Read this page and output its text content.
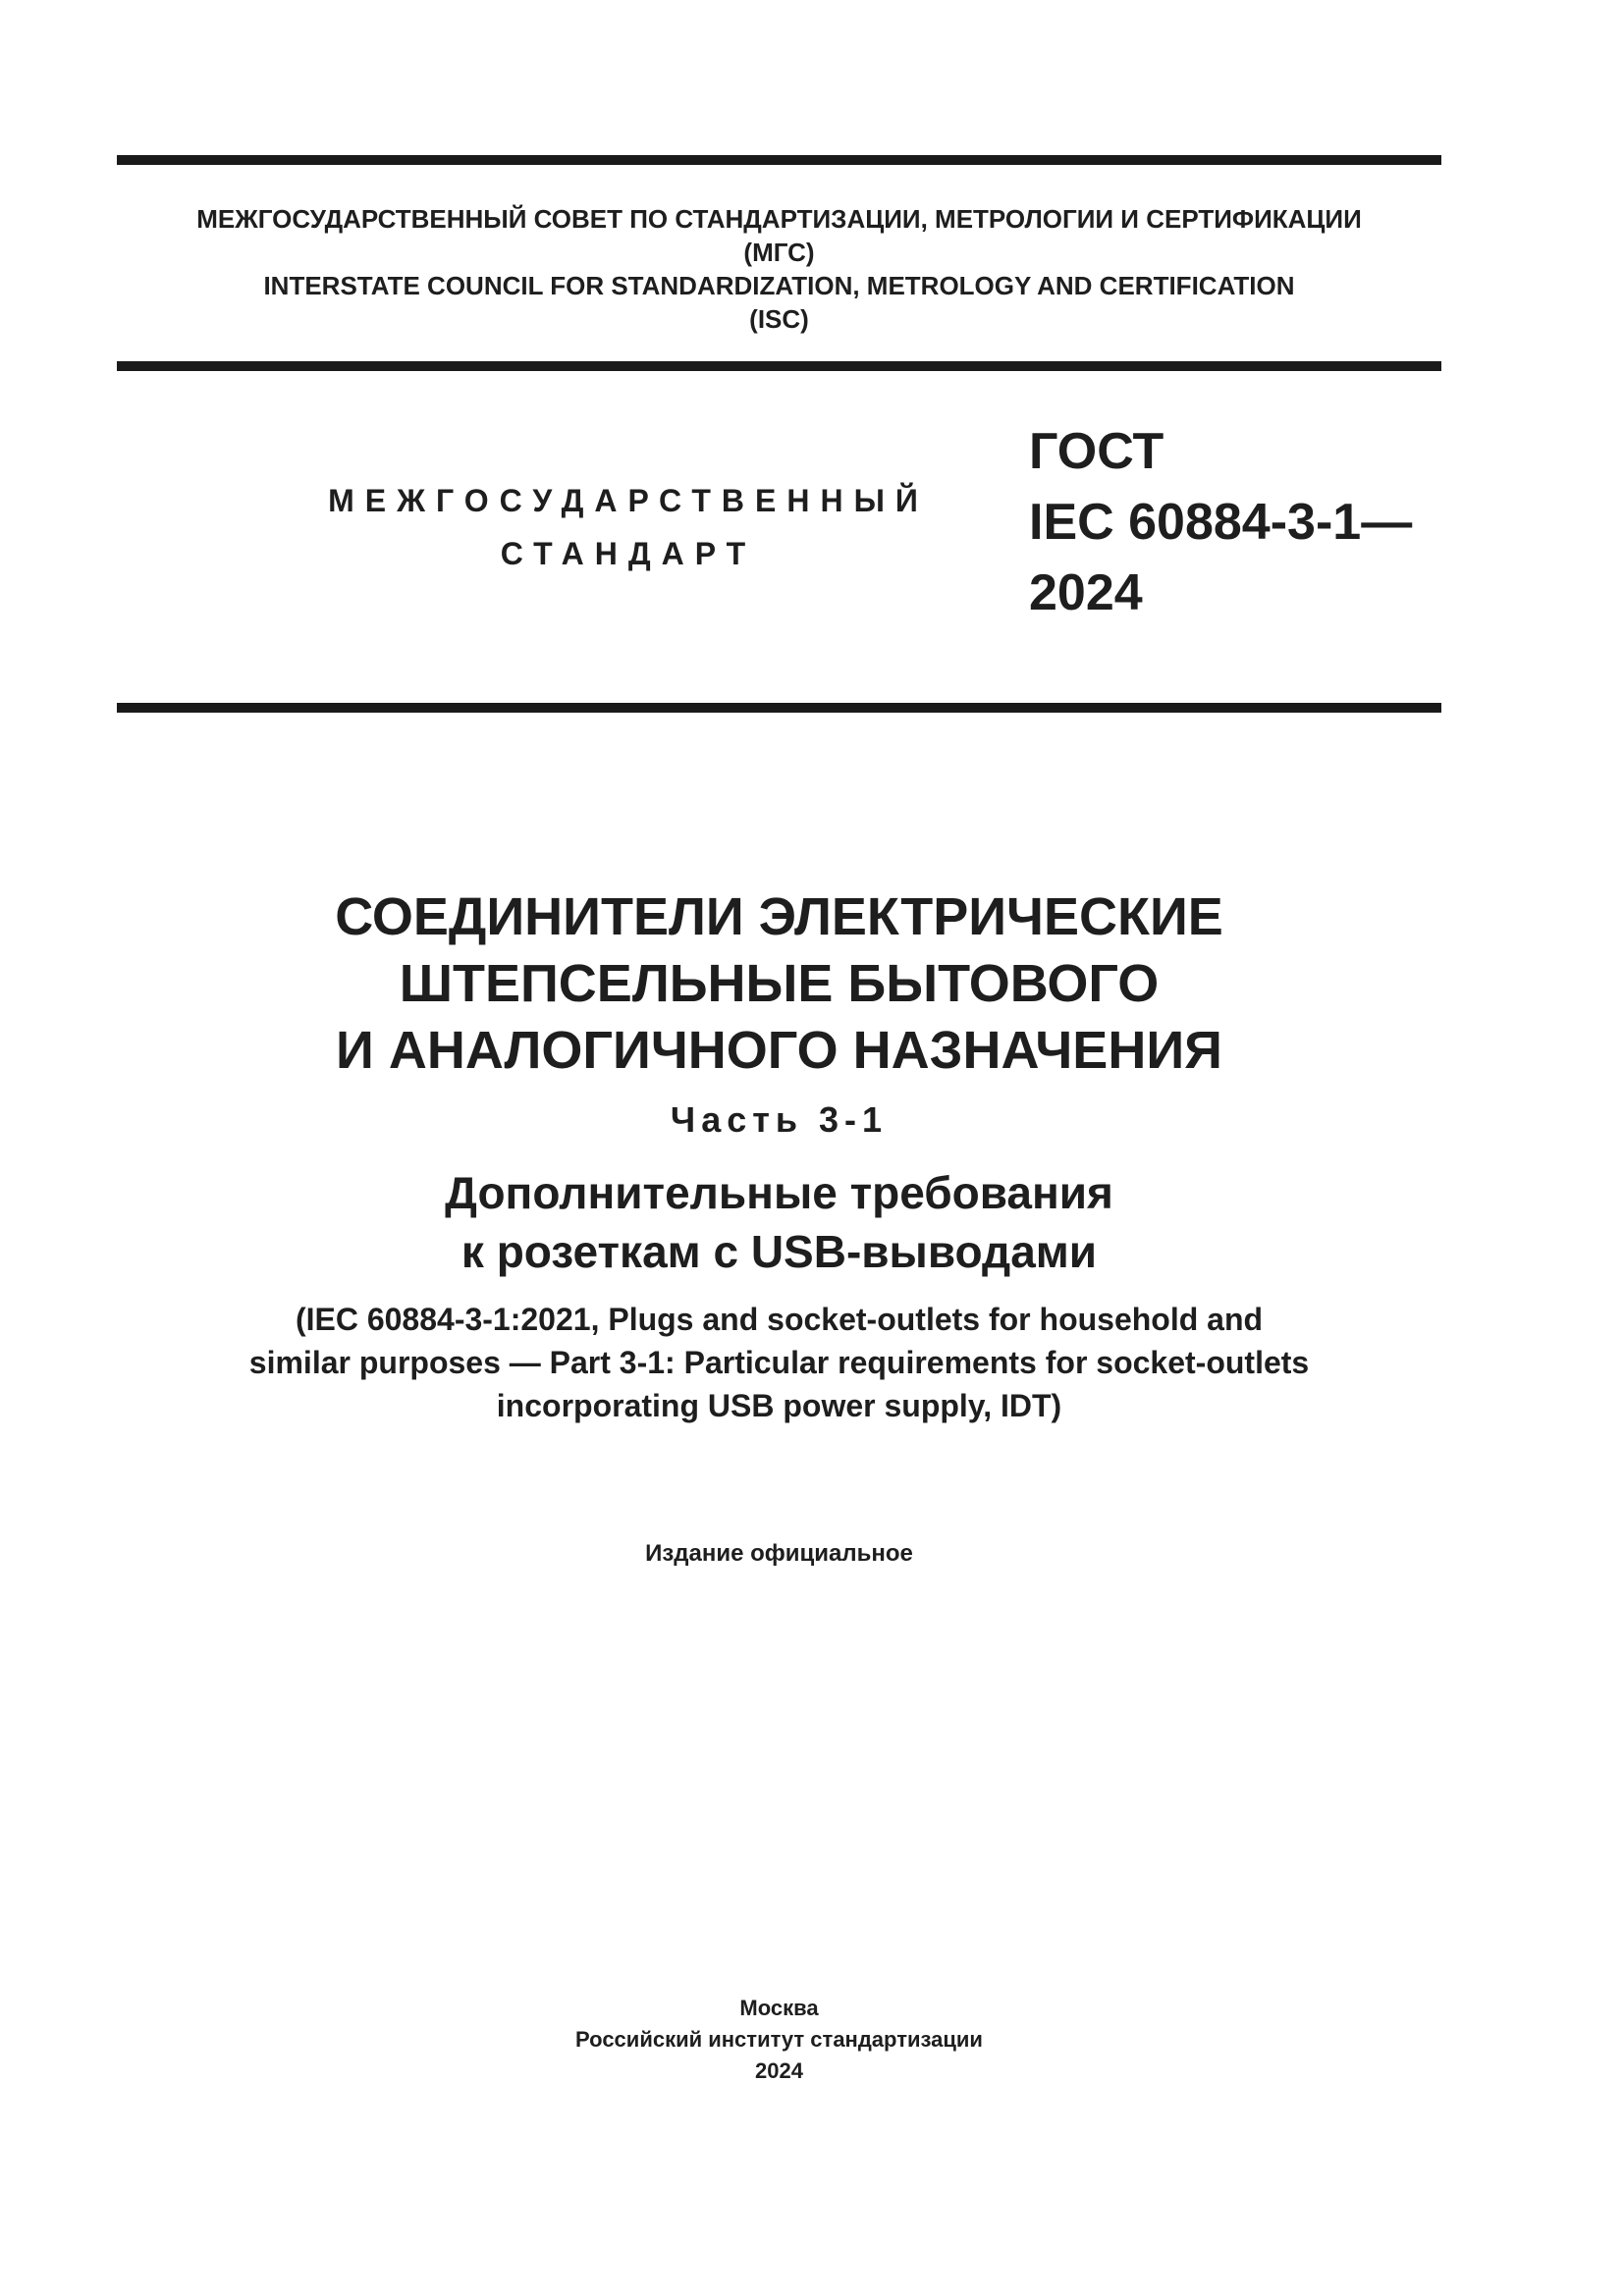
МЕЖГОСУДАРСТВЕННЫЙ СОВЕТ ПО СТАНДАРТИЗАЦИИ, МЕТРОЛОГИИ И СЕРТИФИКАЦИИ
(МГС)
INTERSTATE COUNCIL FOR STANDARDIZATION, METROLOGY AND CERTIFICATION
(ISC)
МЕЖГОСУДАРСТВЕННЫЙ
СТАНДАРТ
ГОСТ
IEC 60884-3-1—
2024
СОЕДИНИТЕЛИ ЭЛЕКТРИЧЕСКИЕ
ШТЕПСЕЛЬНЫЕ БЫТОВОГО
И АНАЛОГИЧНОГО НАЗНАЧЕНИЯ
Часть 3-1
Дополнительные требования
к розеткам с USB-выводами
(IEC 60884-3-1:2021, Plugs and socket-outlets for household and
similar purposes — Part 3-1: Particular requirements for socket-outlets
incorporating USB power supply, IDT)
Издание официальное
Москва
Российский институт стандартизации
2024
